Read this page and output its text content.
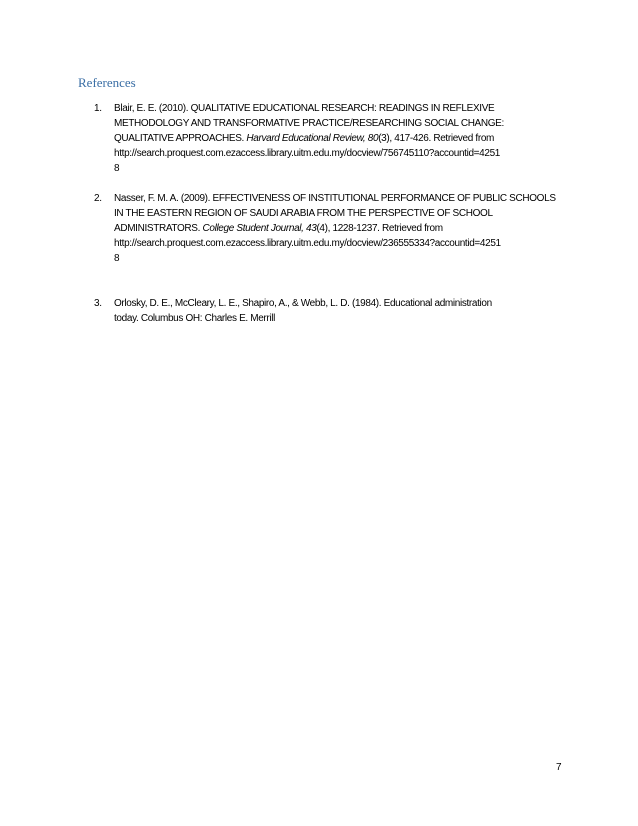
References
1. Blair, E. E. (2010). QUALITATIVE EDUCATIONAL RESEARCH: READINGS IN REFLEXIVE
METHODOLOGY AND TRANSFORMATIVE PRACTICE/RESEARCHING SOCIAL CHANGE:
QUALITATIVE APPROACHES. Harvard Educational Review, 80(3), 417-426. Retrieved from
http://search.proquest.com.ezaccess.library.uitm.edu.my/docview/756745110?accountid=4251
8
2. Nasser, F. M. A. (2009). EFFECTIVENESS OF INSTITUTIONAL PERFORMANCE OF PUBLIC SCHOOLS
IN THE EASTERN REGION OF SAUDI ARABIA FROM THE PERSPECTIVE OF SCHOOL
ADMINISTRATORS. College Student Journal, 43(4), 1228-1237. Retrieved from
http://search.proquest.com.ezaccess.library.uitm.edu.my/docview/236555334?accountid=4251
8
3. Orlosky, D. E., McCleary, L. E., Shapiro, A., & Webb, L. D. (1984). Educational administration
today. Columbus OH: Charles E. Merrill
7
